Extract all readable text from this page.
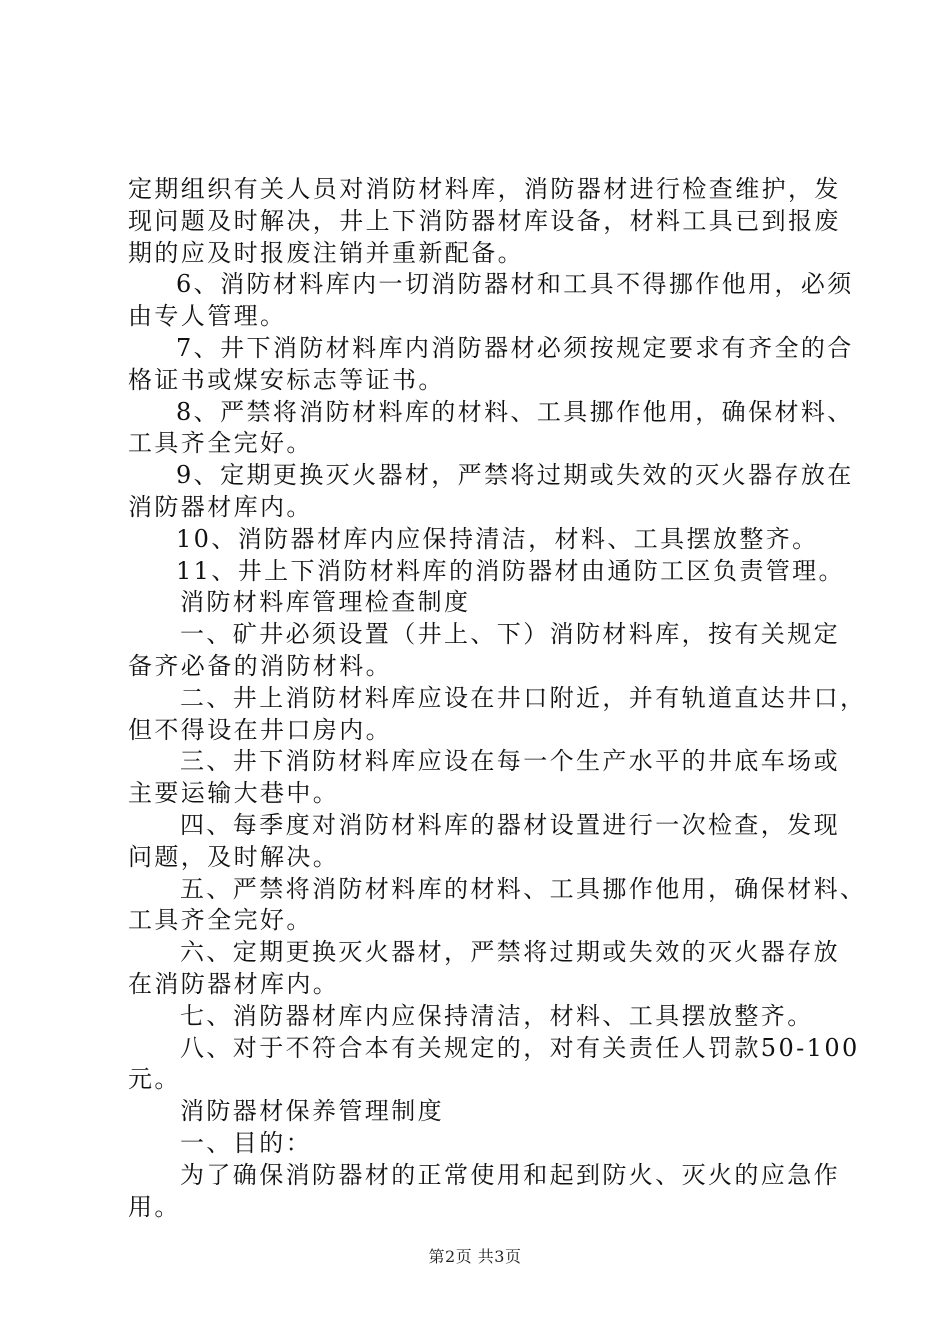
定期组织有关人员对消防材料库，消防器材进行检查维护，发
现问题及时解决，井上下消防器材库设备，材料工具已到报废
期的应及时报废注销并重新配备。
6、消防材料库内一切消防器材和工具不得挪作他用，必须
由专人管理。
7、井下消防材料库内消防器材必须按规定要求有齐全的合
格证书或煤安标志等证书。
8、严禁将消防材料库的材料、工具挪作他用，确保材料、
工具齐全完好。
9、定期更换灭火器材，严禁将过期或失效的灭火器存放在
消防器材库内。
10、消防器材库内应保持清洁，材料、工具摆放整齐。
11、井上下消防材料库的消防器材由通防工区负责管理。
消防材料库管理检查制度
一、矿井必须设置（井上、下）消防材料库，按有关规定
备齐必备的消防材料。
二、井上消防材料库应设在井口附近，并有轨道直达井口，
但不得设在井口房内。
三、井下消防材料库应设在每一个生产水平的井底车场或
主要运输大巷中。
四、每季度对消防材料库的器材设置进行一次检查，发现
问题，及时解决。
五、严禁将消防材料库的材料、工具挪作他用，确保材料、
工具齐全完好。
六、定期更换灭火器材，严禁将过期或失效的灭火器存放
在消防器材库内。
七、消防器材库内应保持清洁，材料、工具摆放整齐。
八、对于不符合本有关规定的，对有关责任人罚款50-100
元。
消防器材保养管理制度
一、目的：
为了确保消防器材的正常使用和起到防火、灭火的应急作
用。
第2页 共3页
